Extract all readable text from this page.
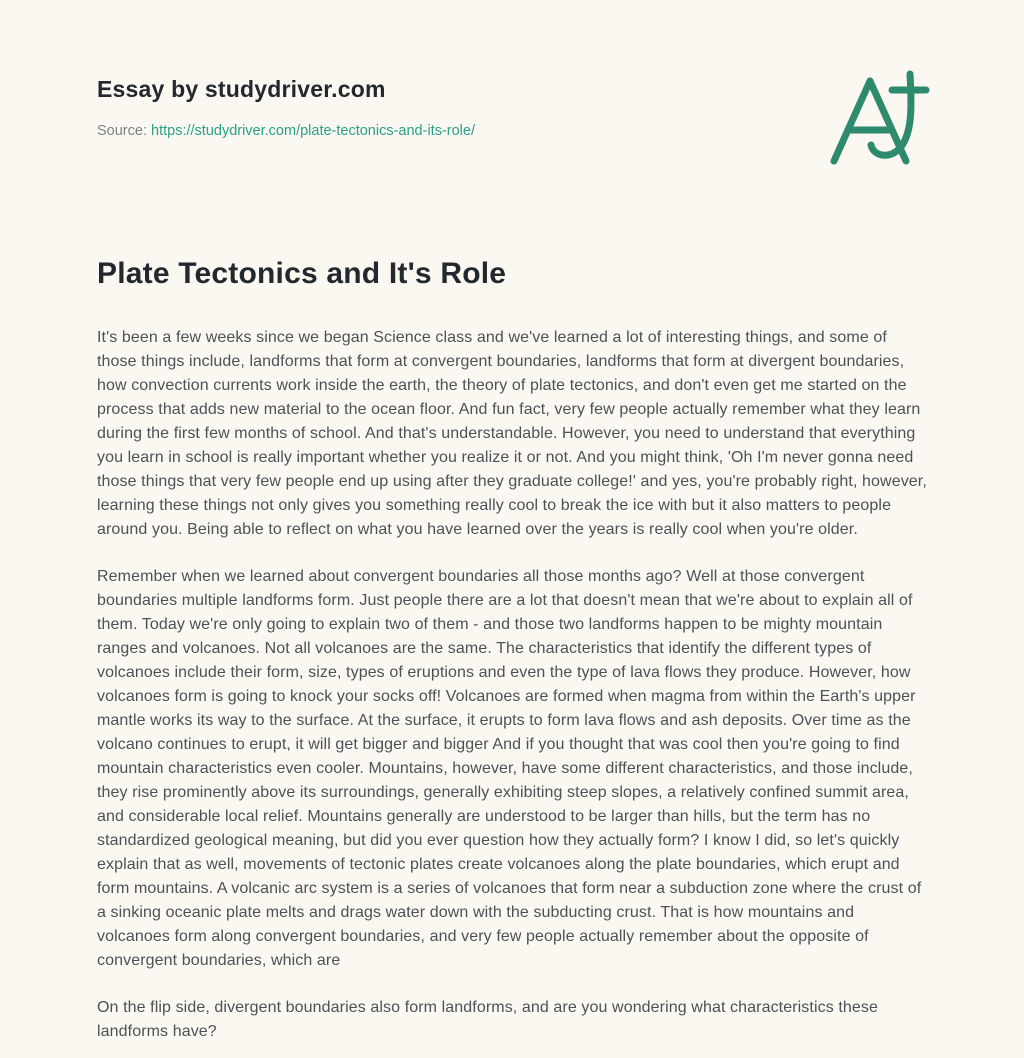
Essay by studydriver.com
Source: https://studydriver.com/plate-tectonics-and-its-role/
Plate Tectonics and It's Role

It's been a few weeks since we began Science class and we've learned a lot of interesting things, and some of those things include, landforms that form at convergent boundaries, landforms that form at divergent boundaries, how convection currents work inside the earth, the theory of plate tectonics, and don't even get me started on the process that adds new material to the ocean floor. And fun fact, very few people actually remember what they learn during the first few months of school. And that's understandable. However, you need to understand that everything you learn in school is really important whether you realize it or not. And you might think, 'Oh I'm never gonna need those things that very few people end up using after they graduate college!' and yes, you're probably right, however, learning these things not only gives you something really cool to break the ice with but it also matters to people around you. Being able to reflect on what you have learned over the years is really cool when you're older.

Remember when we learned about convergent boundaries all those months ago? Well at those convergent boundaries multiple landforms form. Just people there are a lot that doesn't mean that we're about to explain all of them. Today we're only going to explain two of them - and those two landforms happen to be mighty mountain ranges and volcanoes. Not all volcanoes are the same. The characteristics that identify the different types of volcanoes include their form, size, types of eruptions and even the type of lava flows they produce. However, how volcanoes form is going to knock your socks off! Volcanoes are formed when magma from within the Earth's upper mantle works its way to the surface. At the surface, it erupts to form lava flows and ash deposits. Over time as the volcano continues to erupt, it will get bigger and bigger And if you thought that was cool then you're going to find mountain characteristics even cooler. Mountains, however, have some different characteristics, and those include, they rise prominently above its surroundings, generally exhibiting steep slopes, a relatively confined summit area, and considerable local relief. Mountains generally are understood to be larger than hills, but the term has no standardized geological meaning, but did you ever question how they actually form? I know I did, so let's quickly explain that as well, movements of tectonic plates create volcanoes along the plate boundaries, which erupt and form mountains. A volcanic arc system is a series of volcanoes that form near a subduction zone where the crust of a sinking oceanic plate melts and drags water down with the subducting crust. That is how mountains and volcanoes form along convergent boundaries, and very few people actually remember about the opposite of convergent boundaries, which are

On the flip side, divergent boundaries also form landforms, and are you wondering what characteristics these landforms have?
